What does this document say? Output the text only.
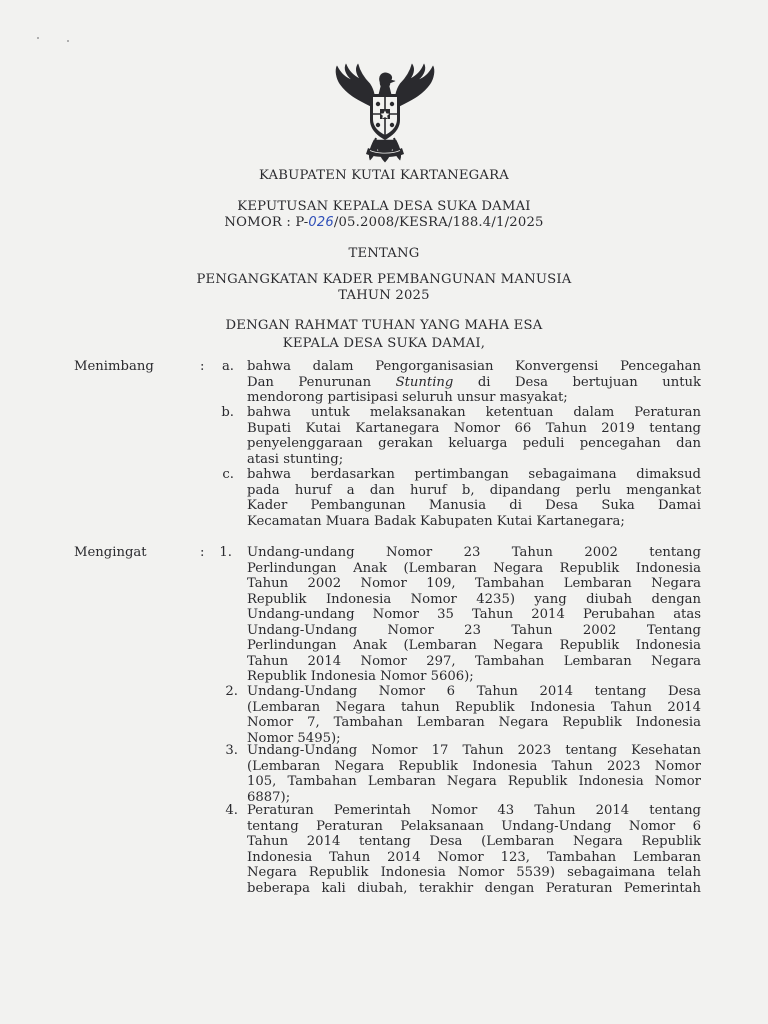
KABUPATEN KUTAI KARTANEGARA
KEPUTUSAN KEPALA DESA SUKA DAMAI
NOMOR : P-026/05.2008/KESRA/188.4/1/2025
TENTANG
PENGANGKATAN KADER PEMBANGUNAN MANUSIA
TAHUN 2025
DENGAN RAHMAT TUHAN YANG MAHA ESA
KEPALA DESA SUKA DAMAI,
Menimbang	:	a. bahwa dalam Pengorganisasian Konvergensi Pencegahan
Dan Penurunan Stunting di Desa bertujuan untuk
mendorong partisipasi seluruh unsur masyakat;
b. bahwa untuk melaksanakan ketentuan dalam Peraturan
Bupati Kutai Kartanegara Nomor 66 Tahun 2019 tentang
penyelenggaraan gerakan keluarga peduli pencegahan dan
atasi stunting;
c. bahwa berdasarkan pertimbangan sebagaimana dimaksud
pada huruf a dan huruf b, dipandang perlu mengankat
Kader Pembangunan Manusia di Desa Suka Damai
Kecamatan Muara Badak Kabupaten Kutai Kartanegara;
Mengingat	:	1. Undang-undang Nomor 23 Tahun 2002 tentang
Perlindungan Anak (Lembaran Negara Republik Indonesia
Tahun 2002 Nomor 109, Tambahan Lembaran Negara
Republik Indonesia Nomor 4235) yang diubah dengan
Undang-undang Nomor 35 Tahun 2014 Perubahan atas
Undang-Undang Nomor 23 Tahun 2002 Tentang
Perlindungan Anak (Lembaran Negara Republik Indonesia
Tahun 2014 Nomor 297, Tambahan Lembaran Negara
Republik Indonesia Nomor 5606);
2. Undang-Undang Nomor 6 Tahun 2014 tentang Desa
(Lembaran Negara tahun Republik Indonesia Tahun 2014
Nomor 7, Tambahan Lembaran Negara Republik Indonesia
Nomor 5495);
3. Undang-Undang Nomor 17 Tahun 2023 tentang Kesehatan
(Lembaran Negara Republik Indonesia Tahun 2023 Nomor
105, Tambahan Lembaran Negara Republik Indonesia Nomor
6887);
4. Peraturan Pemerintah Nomor 43 Tahun 2014 tentang
tentang Peraturan Pelaksanaan Undang-Undang Nomor 6
Tahun 2014 tentang Desa (Lembaran Negara Republik
Indonesia Tahun 2014 Nomor 123, Tambahan Lembaran
Negara Republik Indonesia Nomor 5539) sebagaimana telah
beberapa kali diubah, terakhir dengan Peraturan Pemerintah
